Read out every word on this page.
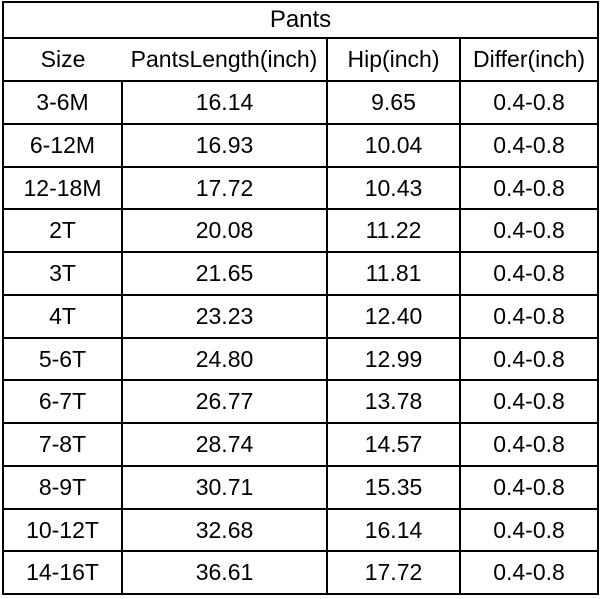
Pants			
Size	PantsLength(inch)	Hip(inch)	Differ(inch)
3-6M	16.14	9.65	0.4-0.8
6-12M	16.93	10.04	0.4-0.8
12-18M	17.72	10.43	0.4-0.8
2T	20.08	11.22	0.4-0.8
3T	21.65	11.81	0.4-0.8
4T	23.23	12.40	0.4-0.8
5-6T	24.80	12.99	0.4-0.8
6-7T	26.77	13.78	0.4-0.8
7-8T	28.74	14.57	0.4-0.8
8-9T	30.71	15.35	0.4-0.8
10-12T	32.68	16.14	0.4-0.8
14-16T	36.61	17.72	0.4-0.8
